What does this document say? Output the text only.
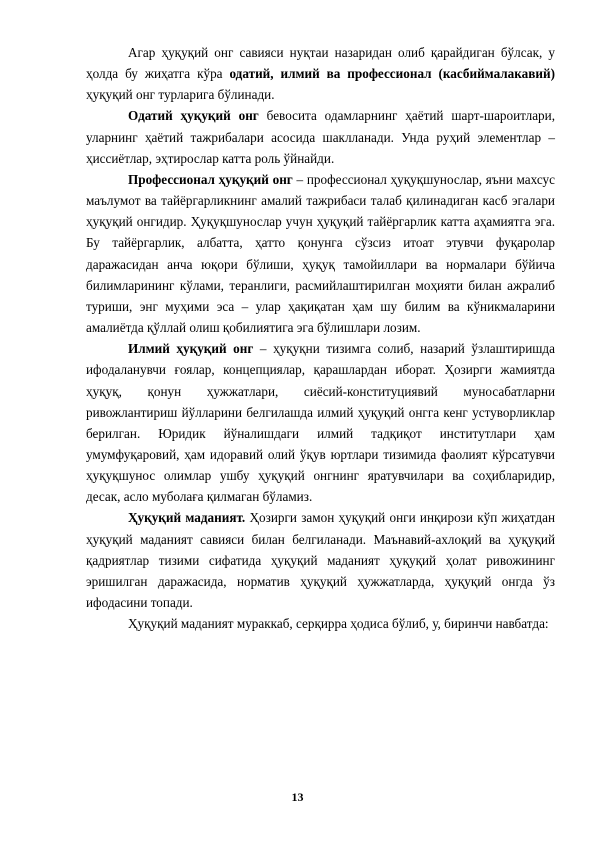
Агар ҳуқуқий онг савияси нуқтаи назаридан олиб қарайдиган бўлсак, у ҳолда бу жиҳатга кўра одатий, илмий ва профессионал (касбиймалакавий) ҳуқуқий онг турларига бўлинади.

Одатий ҳуқуқий онг бевосита одамларнинг ҳаётий шарт-шароитлари, уларнинг ҳаётий тажрибалари асосида шаклланади. Унда руҳий элементлар – ҳиссиётлар, эҳтирослар катта роль ўйнайди.

Профессионал ҳуқуқий онг – профессионал ҳуқуқшунослар, яъни махсус маълумот ва тайёргарликнинг амалий тажрибаси талаб қилинадиган касб эгалари ҳуқуқий онгидир. Ҳуқуқшунослар учун ҳуқуқий тайёргарлик катта аҳамиятга эга. Бу тайёргарлик, албатта, ҳатто қонунга сўзсиз итоат этувчи фуқаролар даражасидан анча юқори бўлиши, ҳуқуқ тамойиллари ва нормалари бўйича билимларининг кўлами, теранлиги, расмийлаштирилган моҳияти билан ажралиб туриши, энг муҳими эса – улар ҳақиқатан ҳам шу билим ва кўникмаларини амалиётда қўллай олиш қобилиятига эга бўлишлари лозим.

Илмий ҳуқуқий онг – ҳуқуқни тизимга солиб, назарий ўзлаштиришда ифодаланувчи ғоялар, концепциялар, қарашлардан иборат. Ҳозирги жамиятда ҳуқуқ, қонун ҳужжатлари, сиёсий-конституциявий муносабатларни ривожлантириш йўлларини белгилашда илмий ҳуқуқий онгга кенг устуворликлар берилган. Юридик йўналишдаги илмий тадқиқот институтлари ҳам умумфуқаровий, ҳам идоравий олий ўқув юртлари тизимида фаолият кўрсатувчи ҳуқуқшунос олимлар ушбу ҳуқуқий онгнинг яратувчилари ва соҳибларидир, десак, асло муболаға қилмаган бўламиз.

Ҳуқуқий маданият. Ҳозирги замон ҳуқуқий онги инқирози кўп жиҳатдан ҳуқуқий маданият савияси билан белгиланади. Маънавий-ахлоқий ва ҳуқуқий қадриятлар тизими сифатида ҳуқуқий маданият ҳуқуқий ҳолат ривожининг эришилган даражасида, норматив ҳуқуқий ҳужжатларда, ҳуқуқий онгда ўз ифодасини топади.

Ҳуқуқий маданият мураккаб, серқирра ҳодиса бўлиб, у, биринчи навбатда:

13
